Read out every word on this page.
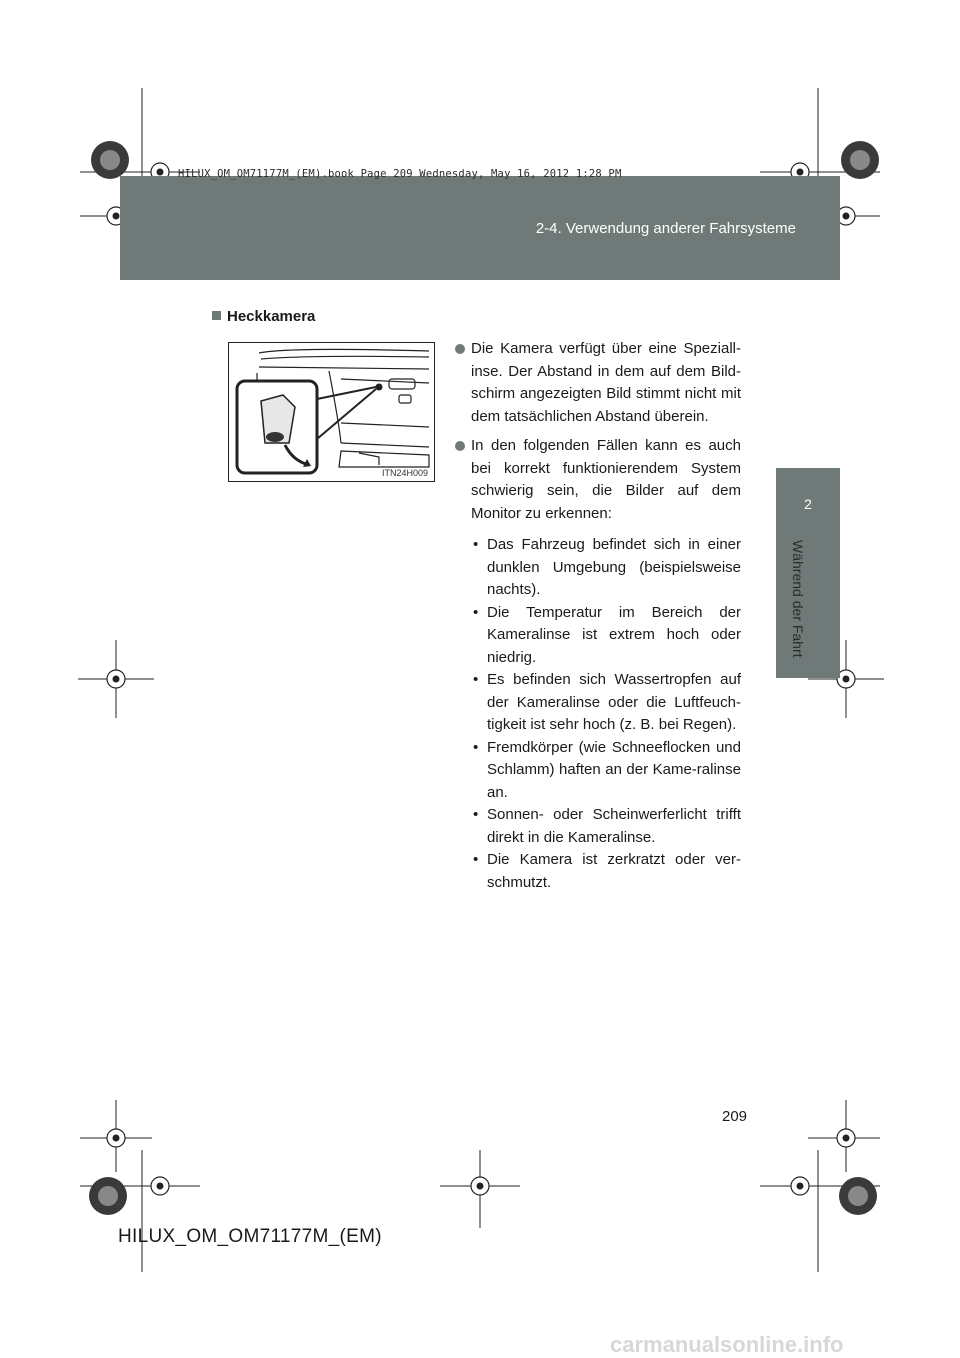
2-4. Verwendung anderer Fahrsysteme
HILUX_OM_OM71177M_(EM).book Page 209 Wednesday, May 16, 2012 1:28 PM
2
Während der Fahrt
Heckkamera
ITN24H009
Die Kamera verfügt über eine Speziall-inse. Der Abstand in dem auf dem Bild-schirm angezeigten Bild stimmt nicht mit dem tatsächlichen Abstand überein.
In den folgenden Fällen kann es auch bei korrekt funktionierendem System schwierig sein, die Bilder auf dem Monitor zu erkennen:
• Das Fahrzeug befindet sich in einer dunklen Umgebung (beispielsweise nachts).
• Die Temperatur im Bereich der Kameralinse ist extrem hoch oder niedrig.
• Es befinden sich Wassertropfen auf der Kameralinse oder die Luftfeuch-tigkeit ist sehr hoch (z. B. bei Regen).
• Fremdkörper (wie Schneeflocken und Schlamm) haften an der Kame-ralinse an.
• Sonnen- oder Scheinwerferlicht trifft direkt in die Kameralinse.
• Die Kamera ist zerkratzt oder ver-schmutzt.
209
HILUX_OM_OM71177M_(EM)
carmanualsonline.info
